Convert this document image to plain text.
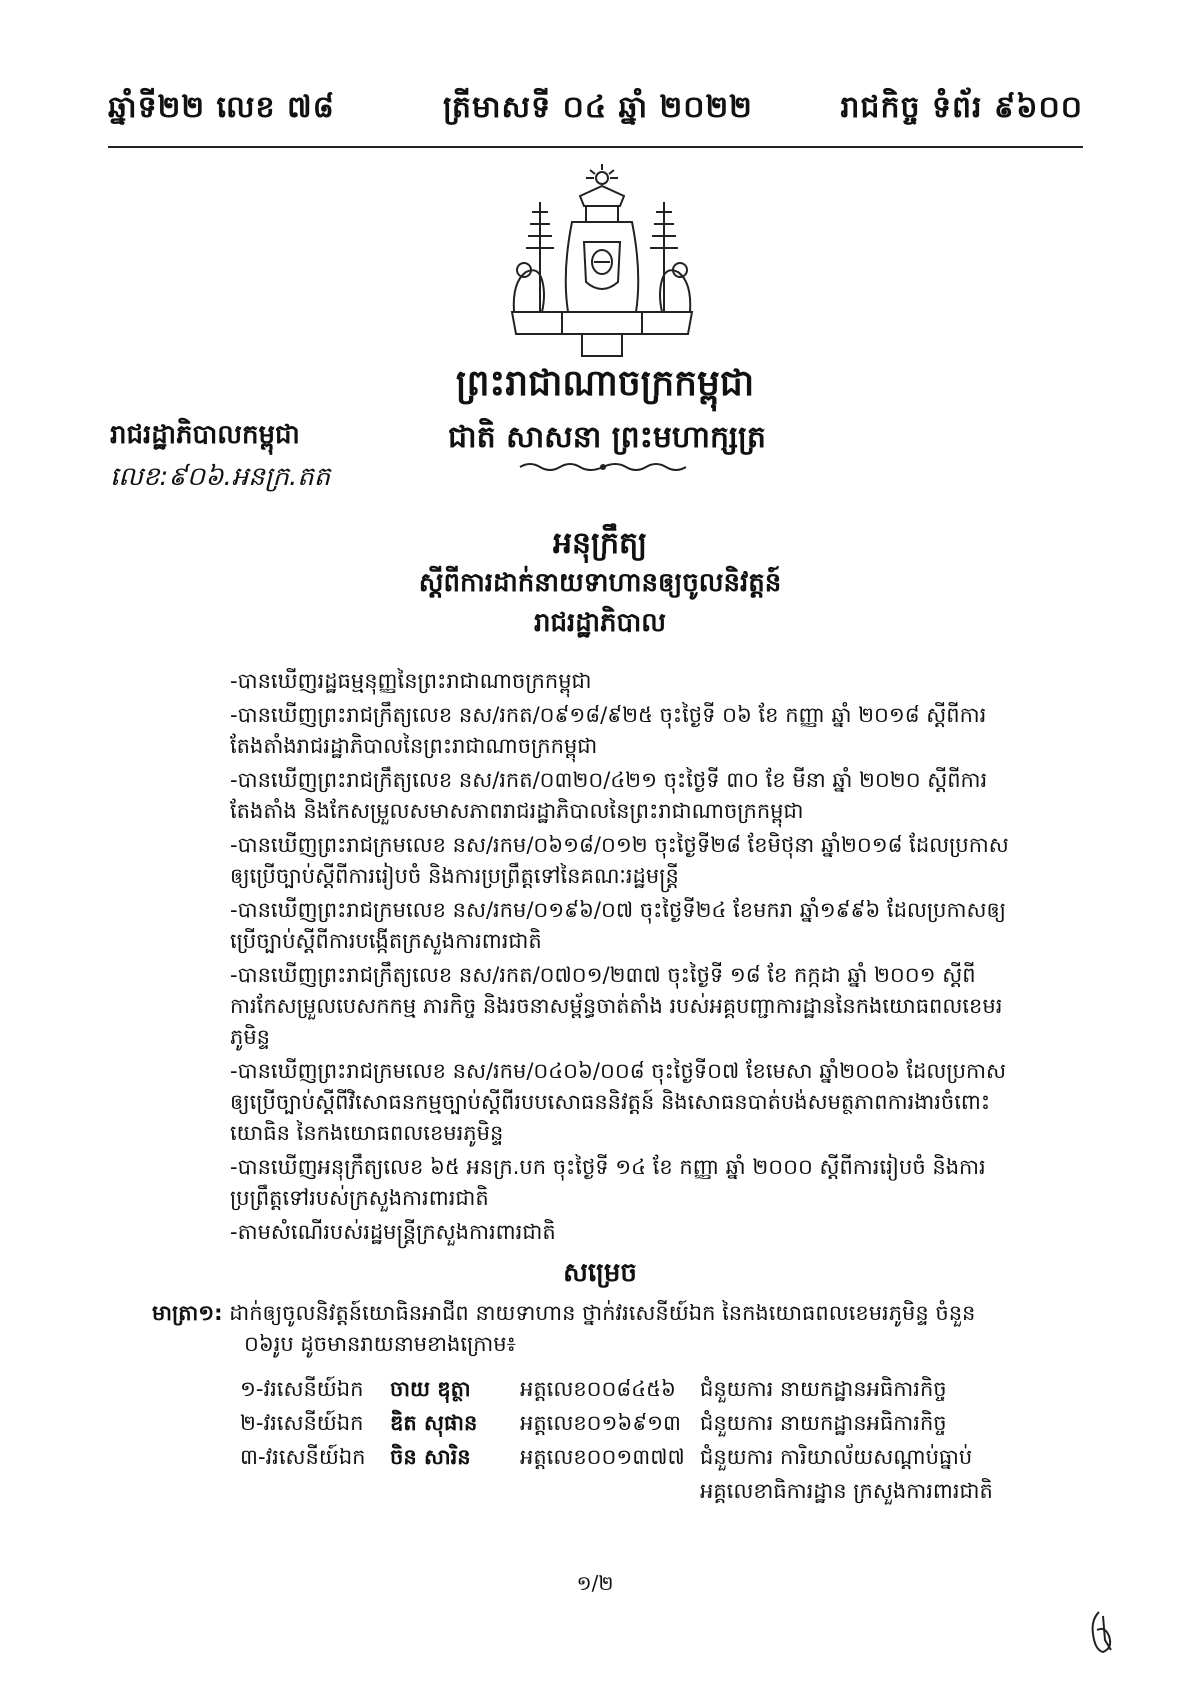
ឆ្នាំទី២២ លេខ ៧៨	ត្រីមាសទី ០៤ ឆ្នាំ ២០២២	រាជកិច្ច ទំព័រ ៩៦០០
ព្រះរាជាណាចក្រកម្ពុជា
ជាតិ សាសនា ព្រះមហាក្សត្រ
រាជរដ្ឋាភិបាលកម្ពុជា
លេខ:៩០៦.អនក្រ.តត
អនុក្រឹត្យ
ស្ដីពីការដាក់នាយទាហានឲ្យចូលនិវត្តន៍
រាជរដ្ឋាភិបាល

-បានឃើញរដ្ឋធម្មនុញ្ញនៃព្រះរាជាណាចក្រកម្ពុជា

-បានឃើញព្រះរាជក្រឹត្យលេខ នស/រកត/០៩១៨/៩២៥ ចុះថ្ងៃទី ០៦ ខែ កញ្ញា ឆ្នាំ ២០១៨ ស្ដីពីការតែងតាំងរាជរដ្ឋាភិបាលនៃព្រះរាជាណាចក្រកម្ពុជា

-បានឃើញព្រះរាជក្រឹត្យលេខ នស/រកត/០៣២០/៤២១ ចុះថ្ងៃទី ៣០ ខែ មីនា ឆ្នាំ ២០២០ ស្ដីពីការតែងតាំង និងកែសម្រួលសមាសភាពរាជរដ្ឋាភិបាលនៃព្រះរាជាណាចក្រកម្ពុជា

-បានឃើញព្រះរាជក្រមលេខ នស/រកម/០៦១៨/០១២ ចុះថ្ងៃទី២៨ ខែមិថុនា ឆ្នាំ២០១៨ ដែលប្រកាសឲ្យប្រើច្បាប់ស្ដីពីការរៀបចំ និងការប្រព្រឹត្តទៅនៃគណៈរដ្ឋមន្ត្រី

-បានឃើញព្រះរាជក្រមលេខ នស/រកម/០១៩៦/០៧ ចុះថ្ងៃទី២៤ ខែមករា ឆ្នាំ១៩៩៦ ដែលប្រកាសឲ្យប្រើច្បាប់ស្ដីពីការបង្កើតក្រសួងការពារជាតិ

-បានឃើញព្រះរាជក្រឹត្យលេខ នស/រកត/០៧០១/២៣៧ ចុះថ្ងៃទី ១៨ ខែ កក្កដា ឆ្នាំ ២០០១ ស្ដីពីការកែសម្រួលបេសកកម្ម ភារកិច្ច និងរចនាសម្ព័ន្ធចាត់តាំង របស់អគ្គបញ្ជាការដ្ឋាននៃកងយោធពលខេមរភូមិន្ទ

-បានឃើញព្រះរាជក្រមលេខ នស/រកម/០៤០៦/០០៨ ចុះថ្ងៃទី០៧ ខែមេសា ឆ្នាំ២០០៦ ដែលប្រកាសឲ្យប្រើច្បាប់ស្ដីពីវិសោធនកម្មច្បាប់ស្ដីពីរបបសោធននិវត្តន៍ និងសោធនបាត់បង់សមត្ថភាពការងារចំពោះយោធិន នៃកងយោធពលខេមរភូមិន្ទ

-បានឃើញអនុក្រឹត្យលេខ ៦៥ អនក្រ.បក ចុះថ្ងៃទី ១៤ ខែ កញ្ញា ឆ្នាំ ២០០០ ស្ដីពីការរៀបចំ និងការប្រព្រឹត្តទៅរបស់ក្រសួងការពារជាតិ

-តាមសំណើរបស់រដ្ឋមន្ត្រីក្រសួងការពារជាតិ

សម្រេច
មាត្រា១: ដាក់ឲ្យចូលនិវត្តន៍យោធិនអាជីព នាយទាហាន ថ្នាក់វរសេនីយ៍ឯក នៃកងយោធពលខេមរភូមិន្ទ ចំនួន
០៦រូប ដូចមានរាយនាមខាងក្រោម៖
១-វរសេនីយ៍ឯក ចាយ ឌុត្ថា អត្តលេខ០០៨៤៥៦ ជំនួយការ នាយកដ្ឋានអធិការកិច្ច
២-វរសេនីយ៍ឯក ឌិត សុផាន អត្តលេខ០១៦៩១៣ ជំនួយការ នាយកដ្ឋានអធិការកិច្ច
៣-វរសេនីយ៍ឯក ចិន សារិន អត្តលេខ០០១៣៧៧ ជំនួយការ ការិយាល័យសណ្ដាប់ធ្នាប់
អគ្គលេខាធិការដ្ឋាន ក្រសួងការពារជាតិ
១/២
